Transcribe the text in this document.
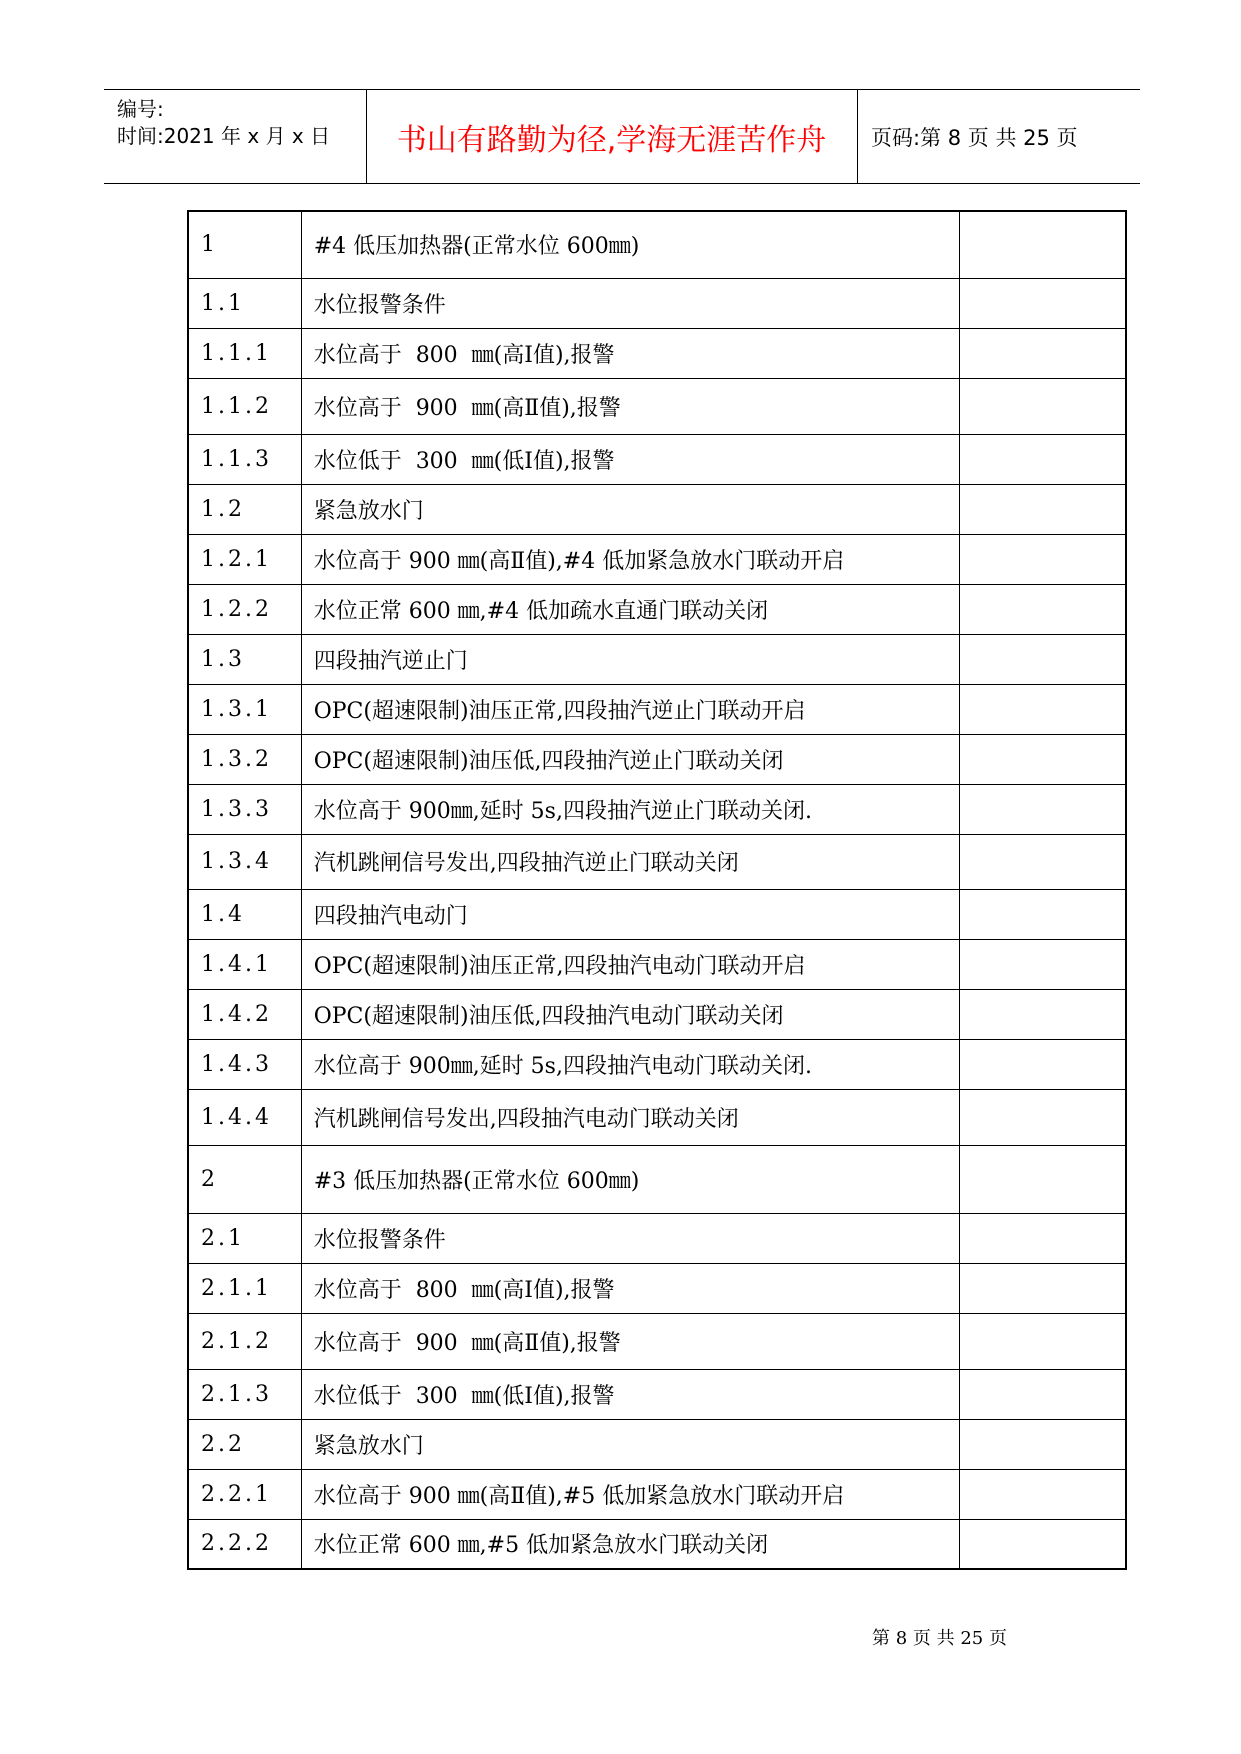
编号:
时间:2021 年 x 月 x 日	书山有路勤为径,学海无涯苦作舟	页码:第 8 页 共 25 页
1	#4 低压加热器(正常水位 600㎜)	
1.1	水位报警条件	
1.1.1	水位高于  800  ㎜(高Ⅰ值),报警	
1.1.2	水位高于  900  ㎜(高Ⅱ值),报警	
1.1.3	水位低于  300  ㎜(低Ⅰ值),报警	
1.2	紧急放水门	
1.2.1	水位高于 900 ㎜(高Ⅱ值),#4 低加紧急放水门联动开启	
1.2.2	水位正常 600 ㎜,#4 低加疏水直通门联动关闭	
1.3	四段抽汽逆止门	
1.3.1	OPC(超速限制)油压正常,四段抽汽逆止门联动开启	
1.3.2	OPC(超速限制)油压低,四段抽汽逆止门联动关闭	
1.3.3	水位高于 900㎜,延时 5s,四段抽汽逆止门联动关闭.	
1.3.4	汽机跳闸信号发出,四段抽汽逆止门联动关闭	
1.4	四段抽汽电动门	
1.4.1	OPC(超速限制)油压正常,四段抽汽电动门联动开启	
1.4.2	OPC(超速限制)油压低,四段抽汽电动门联动关闭	
1.4.3	水位高于 900㎜,延时 5s,四段抽汽电动门联动关闭.	
1.4.4	汽机跳闸信号发出,四段抽汽电动门联动关闭	
2	#3 低压加热器(正常水位 600㎜)	
2.1	水位报警条件	
2.1.1	水位高于  800  ㎜(高Ⅰ值),报警	
2.1.2	水位高于  900  ㎜(高Ⅱ值),报警	
2.1.3	水位低于  300  ㎜(低Ⅰ值),报警	
2.2	紧急放水门	
2.2.1	水位高于 900 ㎜(高Ⅱ值),#5 低加紧急放水门联动开启	
2.2.2	水位正常 600 ㎜,#5 低加紧急放水门联动关闭	
第 8 页 共 25 页
